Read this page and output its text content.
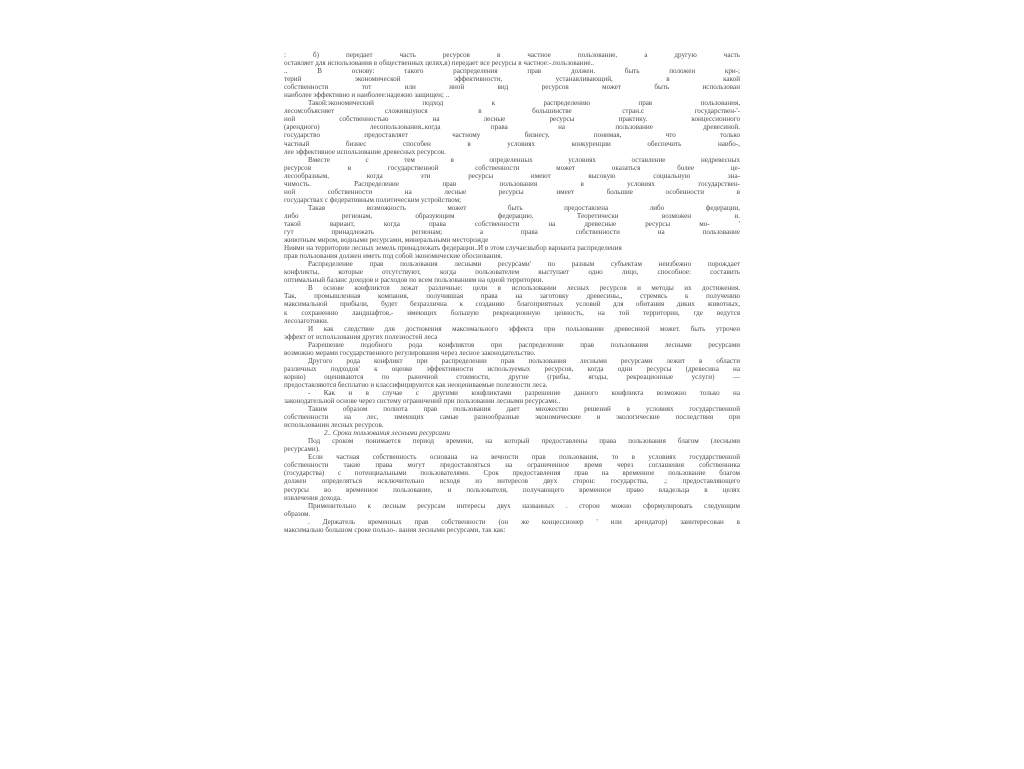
: б) передает часть ресурсов в частное пользование, а другую часть
оставляет для использования в общественных целях,в) передает все ресурсы в частное:-.пользование..
.. В основу: такого распределения прав должен. быть положен кри-;
терий экономической эффективности, устанавливающий, в какой
собственности тот или иной вид ресурсов может быть использован
наиболее эффективно и наиболее:надежно защищен; ..
Такой:экономический подход к распределению прав пользования,
лесом:объясняет сложившуюся в большинстве стран.с государствен-'-
ной собственностью на лесные ресурсы практику. концессионного
(арендного) лесопользования,.когда права на пользование древесиной.
государство предоставляет частному бизнесу, понимая, что только
частный бизнес способен в условиях конкуренции обеспечить наибо-,
лее эффективное использование древесных ресурсов.
Вместе с тем в определенных условиях оставление недревесных
ресурсов в государственной собственности может оказаться более це-
лесообразным, когда эти ресурсы имеют высокую социальную зна-
чимость. Распределение прав пользования в условиях государствен-
ной собственности на лесные ресурсы имеет большие особенности в
государствах с федеративным политическим устройством;
Такая возможность может быть предоставлена либо федерации,
либо регионам, образующим федерацию. Теоретически возможен и.
такой вариант, когда права собственности на древесные ресурсы мо- '
гут принадлежать регионам; а права собственности на пользование
животным миром, водными ресурсами, минеральными месторожде
Ниями на территории лесных земель принадлежать федерации..И в этом случае:выбор варианта распределения
прав пользования должен иметь под собой экономические обоснования.
Распределение прав пользования лесными ресурсами' по разным субъектам неизбежно порождает
конфликты, которые отсутствуют, когда пользователем выступает одно лицо, способное: составить
оптимальный баланс доходов и расходов по всем пользованиям на одной территории.
В основе конфликтов лежат различные: цели в использовании лесных ресурсов и методы их достижения.
Так, промышленная компания, получившая права на заготовку древесины,, стремясь к получению
максимальной прибыли, будет безразлична к созданию благоприятных условий для обитания диких животных,
к сохранению ландшафтов,- имеющих большую рекреационную ценность, на той территории, где ведутся
лесозаготовки.
И как следствие для достижения максимального эффекта при пользовании древесиной может. быть утрочен
эффект от использования других полезностей леса
Разрешение подобного рода конфликтов при распределении прав пользования лесными ресурсами
возможно мерами государственного регулирования через лесное законодательство.
Другого рода конфликт при распределении прав пользования лесными ресурсами лежит в области
различных подходов' к оценке эффективности используемых ресурсов, когда одни ресурсы (древесина на
корню) оцениваются по рыночной стоимости, другие (грибы, ягоды, рекреационные услуги) —
предоставляются бесплатно и классифицируются как неоцениваемые полезности леса.
- Как и в случае с другими конфликтами разрешение данного конфликта возможно только на
законодательной основе через систему ограничений при пользовании лесными ресурсами..
Таким образом полнота прав пользования дает множество решений в условиях государственной
собственности на лес, имеющих самые разнообразные экономические и экологические последствия при
использовании лесных ресурсов.
2.. Сроки пользования лесными ресурсами
Под сроком понимается период времени, на который предоставлены права пользования благом (лесными
ресурсами).
Если частная собственность основана на вечности прав пользования, то в условиях государственной
собственности такие права могут предоставляться на ограниченное время через соглашения собственника
(государства) с потенциальными пользователями. Срок предоставления прав на временное пользование благом
должен определяться исключительно исходя из интересов двух сторон: государства, .; предоставляющего
ресурсы во временное пользование, и пользователя, получающего временное право владельца в целях
извлечения дохода.
Применительно к лесным ресурсам интересы двух названных . сторон можно сформулировать следующим
образом.
. Держатель временных прав собственности (он же концессионер ' или арендатор) заинтересован в
максимально большом сроке пользо-. вания лесными ресурсами, так как:
